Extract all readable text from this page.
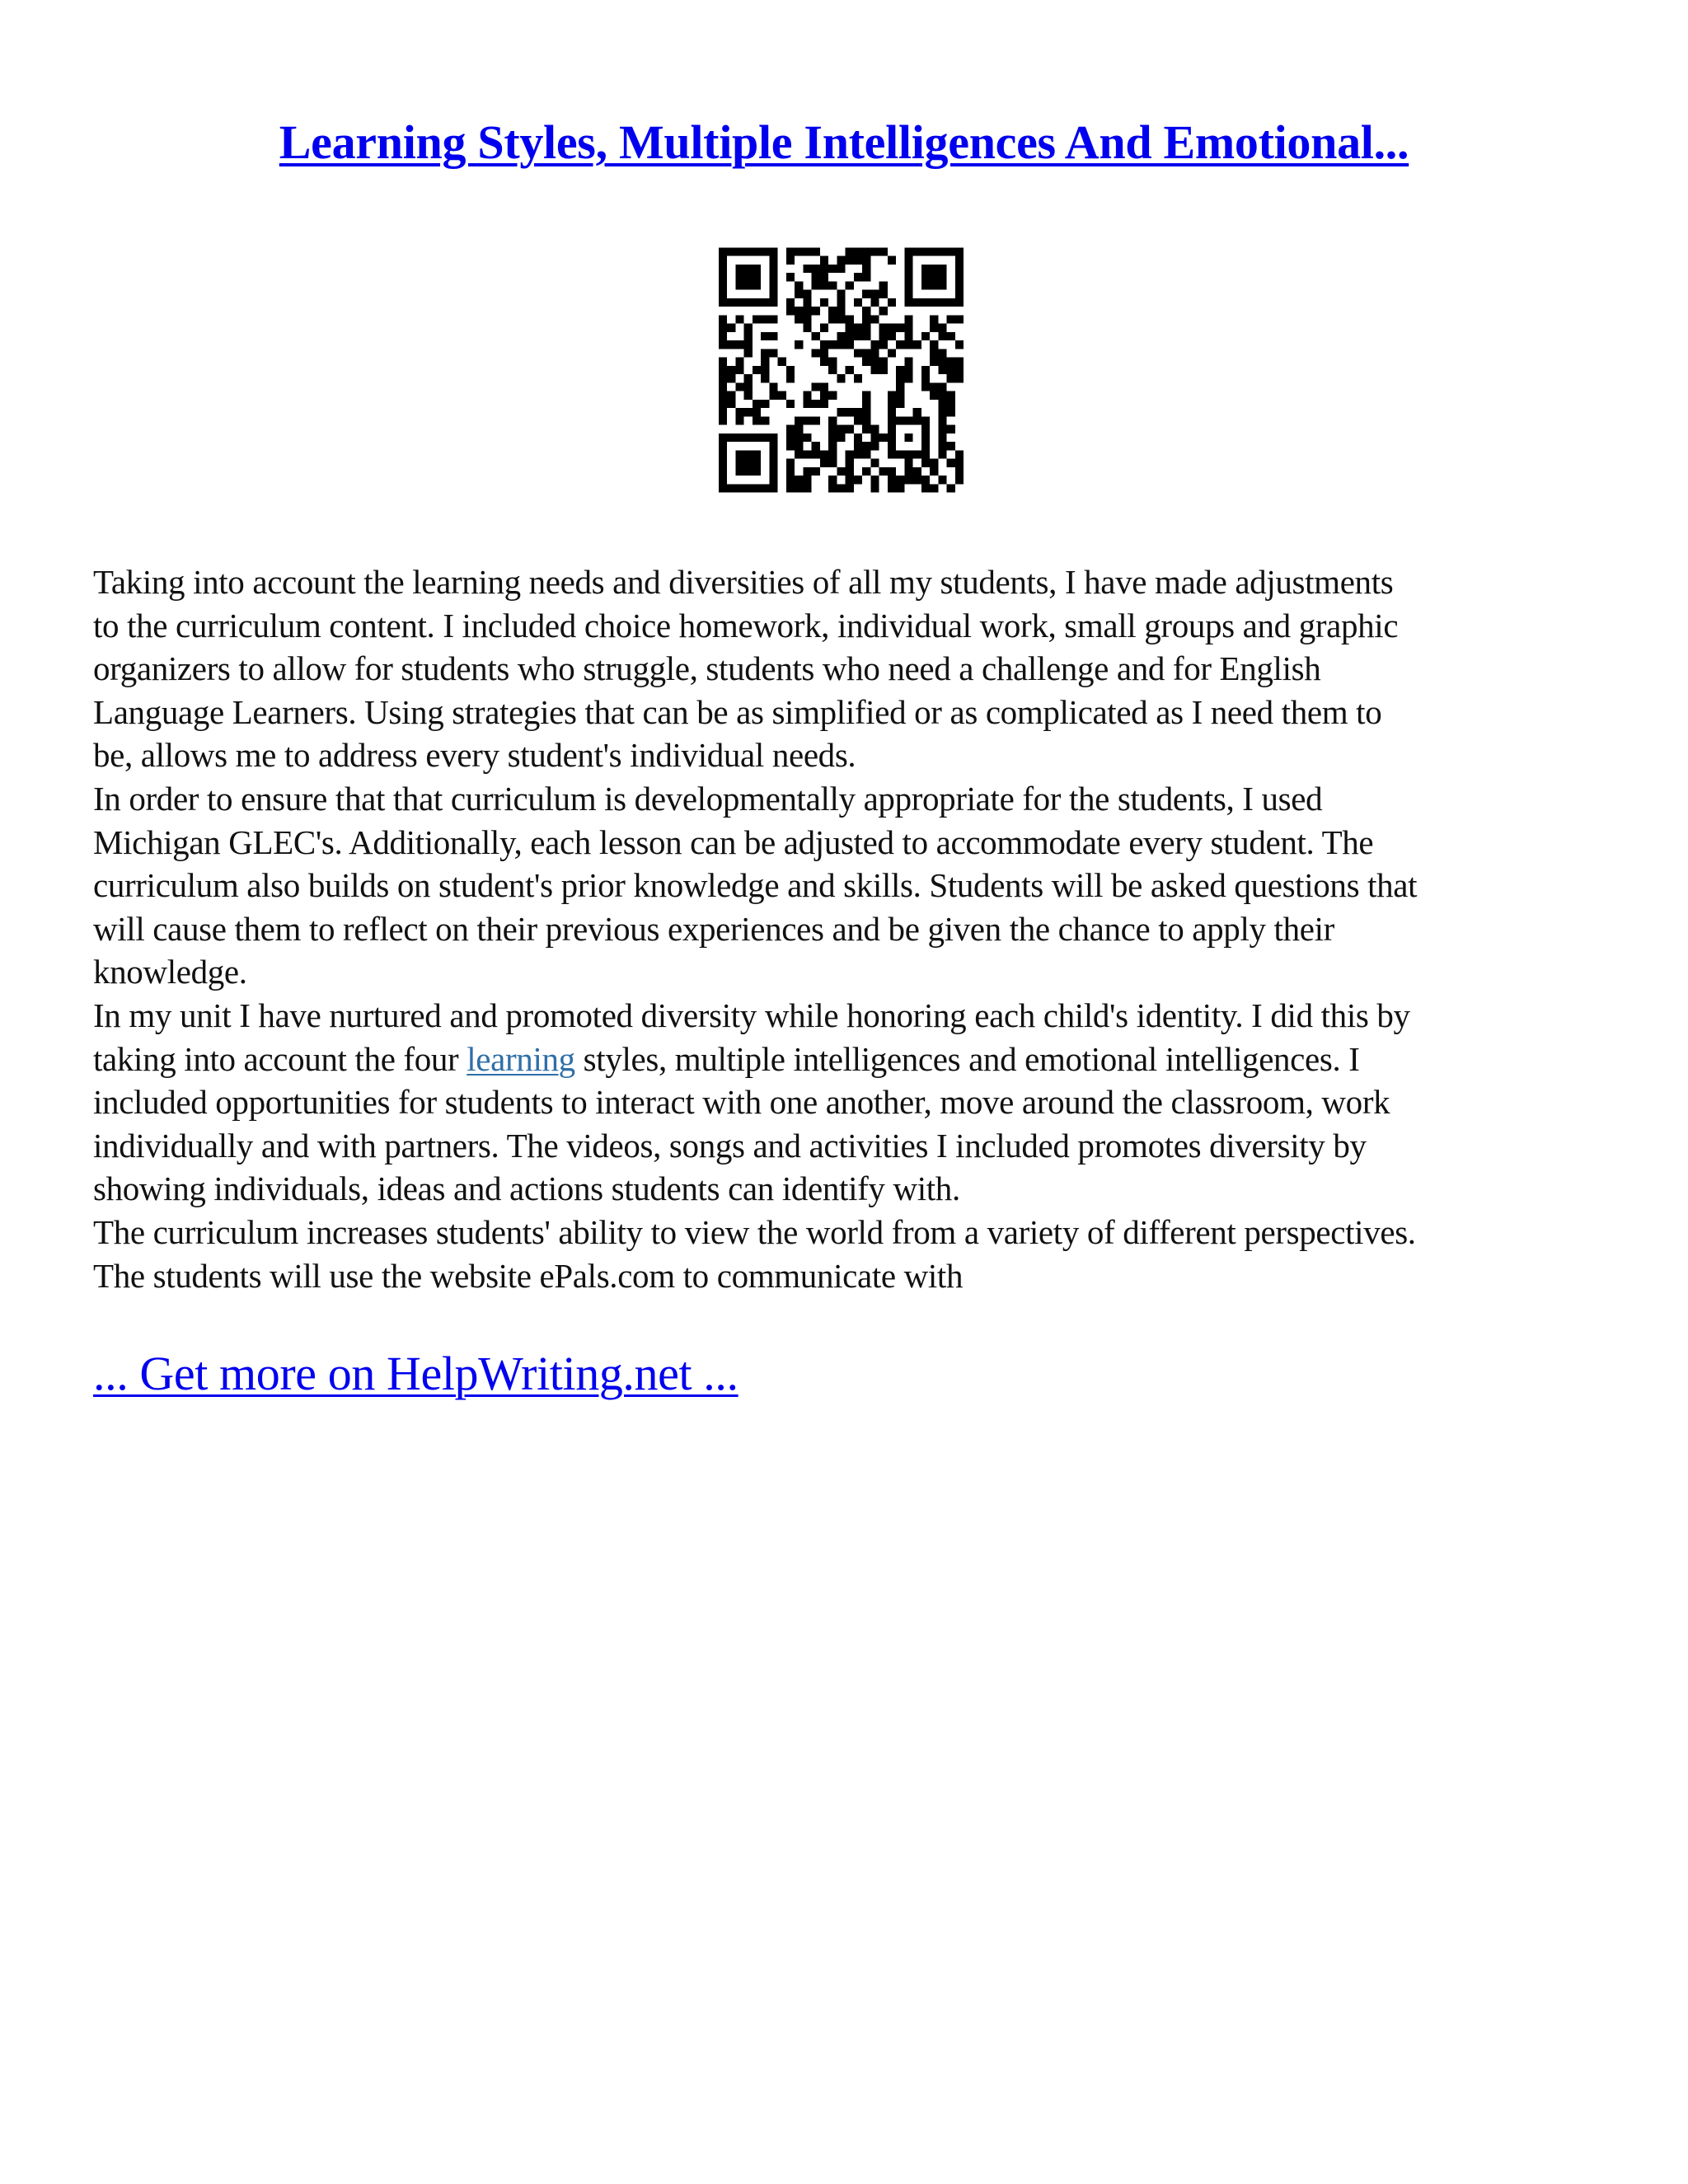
Learning Styles, Multiple Intelligences And Emotional...

Taking into account the learning needs and diversities of all my students, I have made adjustments

to the curriculum content. I included choice homework, individual work, small groups and graphic

organizers to allow for students who struggle, students who need a challenge and for English

Language Learners. Using strategies that can be as simplified or as complicated as I need them to

be, allows me to address every student's individual needs.

In order to ensure that that curriculum is developmentally appropriate for the students, I used

Michigan GLEC's. Additionally, each lesson can be adjusted to accommodate every student. The

curriculum also builds on student's prior knowledge and skills. Students will be asked questions that

will cause them to reflect on their previous experiences and be given the chance to apply their

knowledge.

In my unit I have nurtured and promoted diversity while honoring each child's identity. I did this by

taking into account the four learning styles, multiple intelligences and emotional intelligences. I

included opportunities for students to interact with one another, move around the classroom, work

individually and with partners. The videos, songs and activities I included promotes diversity by

showing individuals, ideas and actions students can identify with.

The curriculum increases students' ability to view the world from a variety of different perspectives.

The students will use the website ePals.com to communicate with

... Get more on HelpWriting.net ...
